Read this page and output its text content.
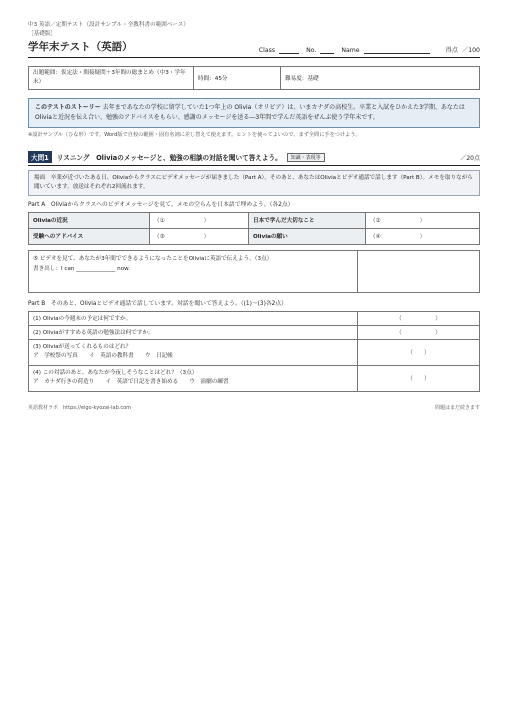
中3 英語／定期テスト（設計サンプル・全教科書の範囲ベース）
［基礎版］
学年末テスト（英語）	Class	No.	Name	得点 ／100
出題範囲：仮定法・間接疑問＋3年間の総まとめ（中3・学年末）	時間：45分	難易度：基礎
このテストのストーリー 去年まであなたの学校に留学していた1つ年上の Olivia（オリビア）は、いまカナダの高校生。卒業と入試をひかえた3学期、あなたはOliviaと近況を伝え合い、勉強のアドバイスをもらい、感謝のメッセージを送る―3年間で学んだ英語をぜんぶ使う学年末です。
※設計サンプル（ひな形）です。Word版で自校の範囲・固有名詞に差し替えて使えます。ヒントを使ってよいので、まず全問に手をつけよう。
大問1	リスニング　Oliviaのメッセージと、勉強の相談の対話を聞いて答えよう。	知識・表現等	／20点
場面　卒業が近づいたある日、Oliviaからクラスにビデオメッセージが届きました（Part A）。そのあと、あなたはOliviaとビデオ通話で話します（Part B）。メモを取りながら聞いています。放送はそれぞれ2回流れます。
Part A　Oliviaからクラスへのビデオメッセージを見て、メモの空らんを日本語で埋めよう。（各2点）
Oliviaの近況	（①　　　　　　　）	日本で学んだ大切なこと	（②　　　　　　　）
受験へのアドバイス	（③　　　　　　　）	Oliviaの願い	（④　　　　　　　）
⑤ ビデオを見て、あなたが3年間でできるようになったことをOliviaに英語で伝えよう。（3点）
書き出し：I can ______________ now.

Part B　そのあと、Oliviaとビデオ通話で話しています。対話を聞いて答えよう。（(1)〜(3)各2点）
(1) Oliviaの今週末の予定は何ですか。	（　　　　　　）
(2) Oliviaがすすめる英語の勉強法は何ですか。	（　　　　　　）

(3) Oliviaが送ってくれるものはどれ？
ア　学校祭の写真　　イ　英語の教科書　　ウ　日記帳	（　　）

(4) この対話のあと、あなたが今夜しそうなことはどれ？（3点）
ア　カナダ行きの荷造り　　イ　英語で日記を書き始める　　ウ　演劇の練習	（　　）
英語教材ラボ　https://eigo-kyozai-lab.com	問題はまだ続きます
